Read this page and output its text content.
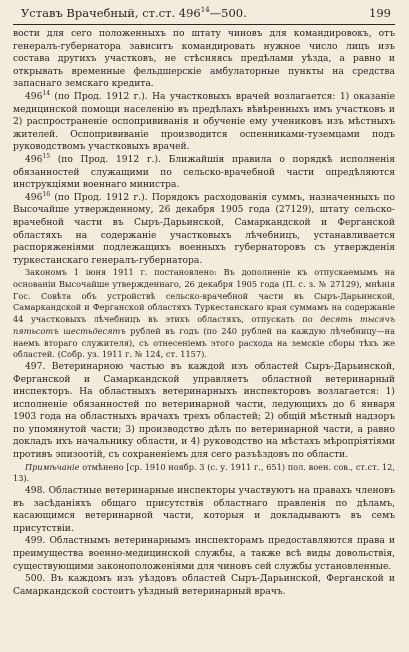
Уставъ Врачебный, ст.ст. $496^{14}—500$.	199

вости для сего положенныхъ по штату чиновъ для командировокъ, отъ генералъ-губернатора зависитъ командировать нужное число лицъ изъ состава другихъ участковъ, не стѣсняясь предѣлами уѣзда, а равно и открывать временные фельдшерскіе амбулаторные пункты на средства запаснаго земскаго кредита.

$496^{14}$ (по Прод. 1912 г.). На участковыхъ врачей возлагается: 1) оказаніе медицинской помощи населенію въ предѣлахъ вѣвѣренныхъ имъ участковъ и 2) распространеніе оспопрививанія и обученіе ему учениковъ изъ мѣстныхъ жителей. Оспопрививаніе производится оспенниками-туземцами подъ руководствомъ участковыхъ врачей.

$496^{15}$ (по Прод. 1912 г.). Ближайшія правила о порядкѣ исполненія обязанностей служащими по сельско-врачебной части опредѣляются инструкціями военнаго министра.

$496^{16}$ (по Прод. 1912 г.). Порядокъ расходованія суммъ, назначенныхъ по Высочайше утвержденному, 26 декабря 1905 года (27129), штату сельско-врачебной части въ Сыръ-Дарьинской, Самаркандской и Ферганской областяхъ на содержаніе участковыхъ лѣчебницъ, устанавливается распоряженіями подлежащихъ военныхъ губернаторовъ съ утвержденія туркестанскаго генералъ-губернатора.

Закономъ 1 іюня 1911 г. постановлено: Въ дополненіе къ отпускаемымъ на основаніи Высочайше утвержденнаго, 26 декабря 1905 года (П. с. з. № 27129), мнѣнія Гос. Совѣта объ устройствѣ сельско-врачебной части въ Сыръ-Дарьинской, Самаркандской и Ферганской областяхъ Туркестанскаго края суммамъ на содержаніе 44 участковыхъ лѣчебницъ въ этихъ областяхъ, отпускать по десять тысячъ пятьсотъ шестьдесятъ рублей въ годъ (по 240 рублей на каждую лѣчебницу—на наемъ втораго служителя), съ отнесеніемъ этого расхода на земскіе сборы тѣхъ же областей. (Собр. уз. 1911 г. № 124, ст. 1157).

497. Ветеринарною частью въ каждой изъ областей Сыръ-Дарьинской, Ферганской и Самаркандской управляетъ областной ветеринарный инспекторъ. На областныхъ ветеринарныхъ инспекторовъ возлагается: 1) исполненіе обязанностей по ветеринарной части, ледующихъ до 6 января 1903 года на областныхъ врачахъ трехъ областей; 2) общій мѣстный надзоръ по упомянутой части; 3) производство дѣлъ по ветеринарной части, а равно докладъ ихъ начальнику области, и 4) руководство на мѣстахъ мѣропріятіями противъ эпизоотій, съ сохраненіемъ для сего разъѣздовъ по области.

Примѣчаніе отмѣнено [ср. 1910 ноябр. 3 (с. у. 1911 г., 651) пол. воен. сов., ст.ст. 12, 13).

498. Областные ветеринарные инспекторы участвуютъ на правахъ членовъ въ засѣданіяхъ общаго присутствія областнаго правленія по дѣламъ, касающимся ветеринарной части, которыя и докладываютъ въ семъ присутствіи.

499. Областнымъ ветеринарнымъ инспекторамъ предоставляются права и преимущества военно-медицинской службы, а также всѣ виды довольствія, существующими законоположеніями для чиновъ сей службы установленные.

500. Въ каждомъ изъ уѣздовъ областей Сыръ-Дарьинской, Ферганской и Самаркандской состоитъ уѣздный ветеринарный врачъ.
